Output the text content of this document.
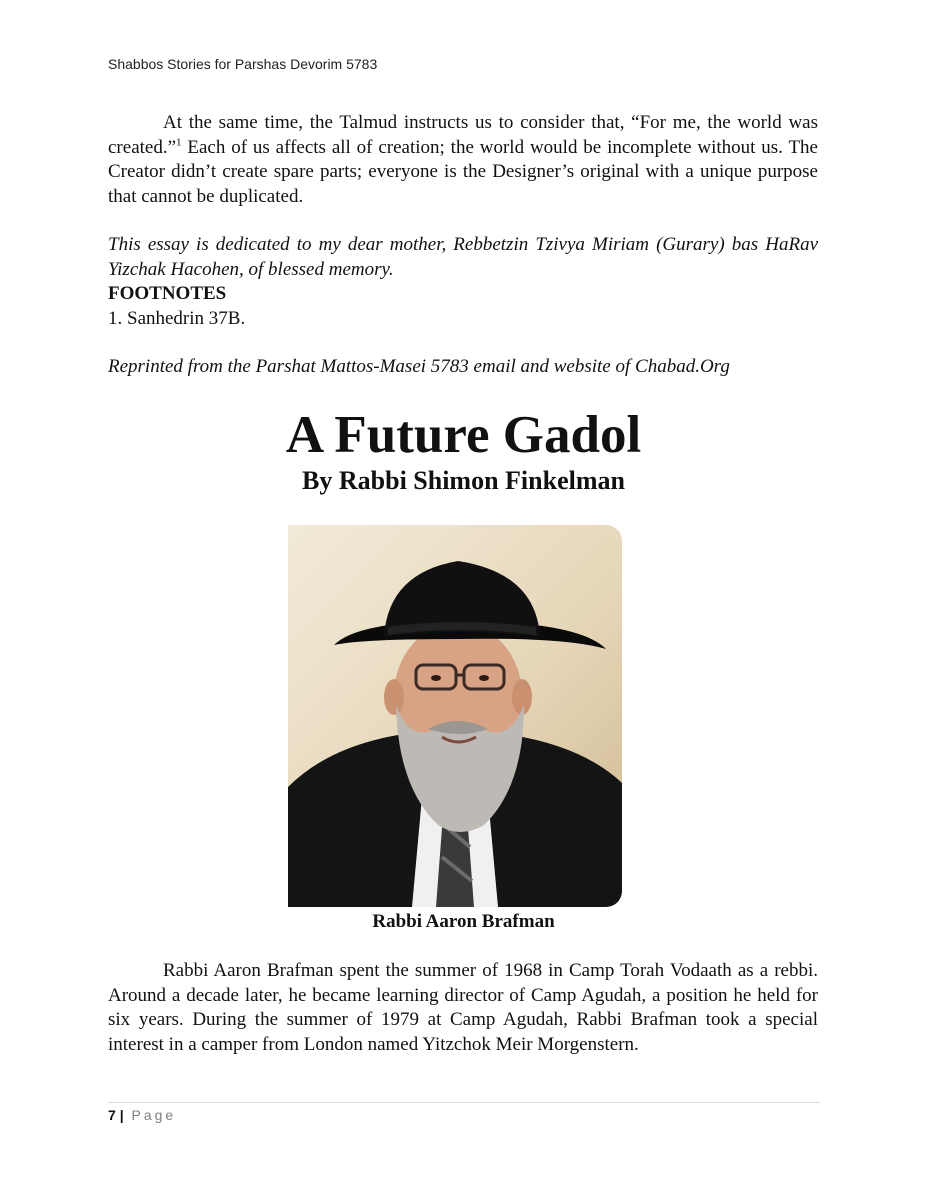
Shabbos Stories for Parshas Devorim 5783
At the same time, the Talmud instructs us to consider that, “For me, the world was created.”$^1$ Each of us affects all of creation; the world would be incomplete without us. The Creator didn’t create spare parts; everyone is the Designer’s original with a unique purpose that cannot be duplicated.
This essay is dedicated to my dear mother, Rebbetzin Tzivya Miriam (Gurary) bas HaRav Yizchak Hacohen, of blessed memory.
FOOTNOTES
1. Sanhedrin 37B.
Reprinted from the Parshat Mattos-Masei 5783 email and website of Chabad.Org
A Future Gadol
By Rabbi Shimon Finkelman
Rabbi Aaron Brafman
Rabbi Aaron Brafman spent the summer of 1968 in Camp Torah Vodaath as a rebbi. Around a decade later, he became learning director of Camp Agudah, a position he held for six years. During the summer of 1979 at Camp Agudah, Rabbi Brafman took a special interest in a camper from London named Yitzchok Meir Morgenstern.
7 | Page
